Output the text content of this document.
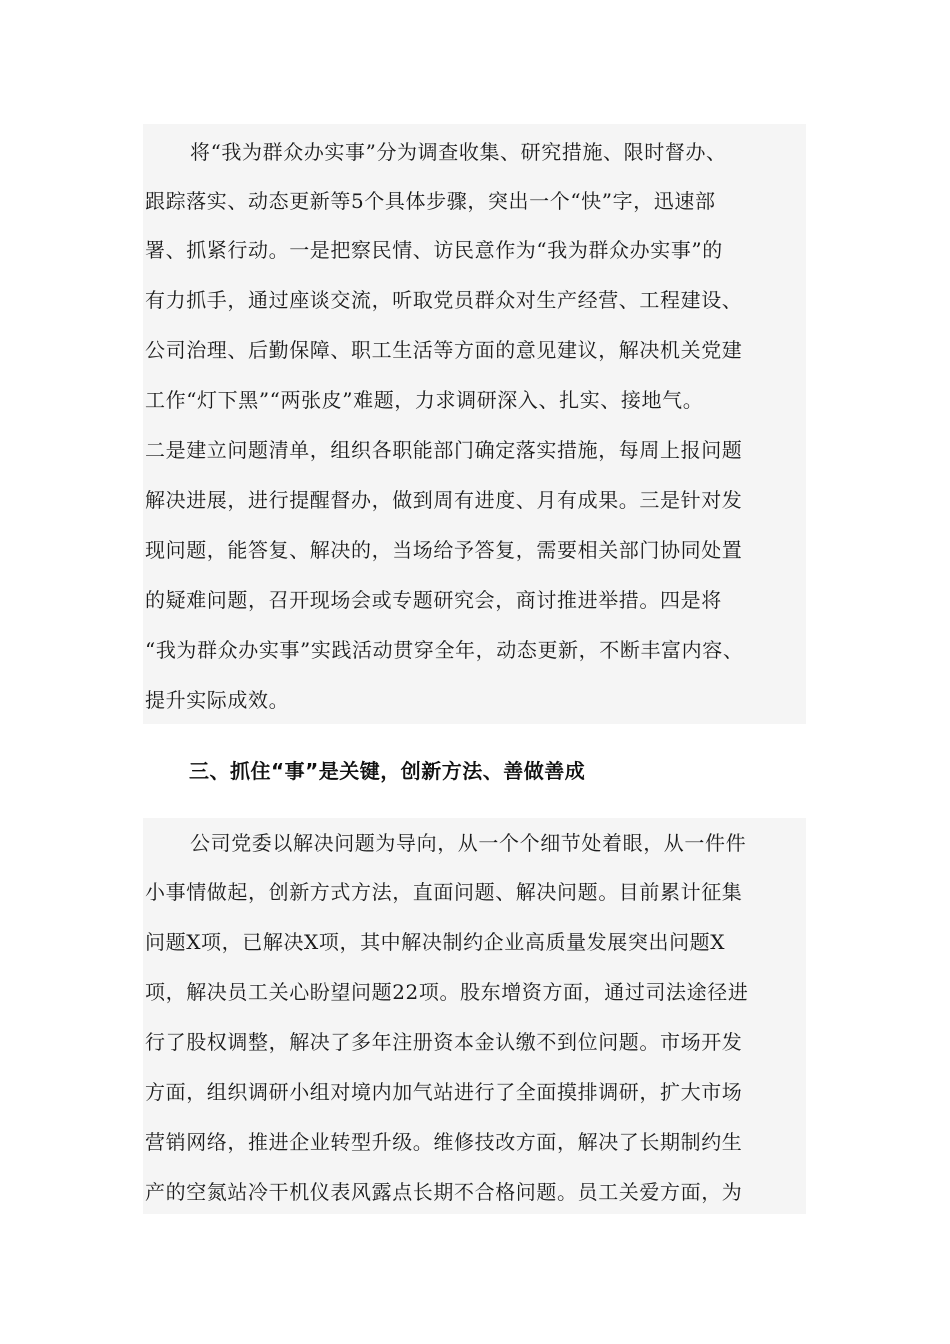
将“我为群众办实事”分为调查收集、研究措施、限时督办、
跟踪落实、动态更新等5个具体步骤，突出一个“快”字，迅速部
署、抓紧行动。一是把察民情、访民意作为“我为群众办实事”的
有力抓手，通过座谈交流，听取党员群众对生产经营、工程建设、
公司治理、后勤保障、职工生活等方面的意见建议，解决机关党建
工作“灯下黑”“两张皮”难题，力求调研深入、扎实、接地气。
二是建立问题清单，组织各职能部门确定落实措施，每周上报问题
解决进展，进行提醒督办，做到周有进度、月有成果。三是针对发
现问题，能答复、解决的，当场给予答复，需要相关部门协同处置
的疑难问题，召开现场会或专题研究会，商讨推进举措。四是将
“我为群众办实事”实践活动贯穿全年，动态更新，不断丰富内容、
提升实际成效。
三、抓住“事”是关键，创新方法、善做善成
公司党委以解决问题为导向，从一个个细节处着眼，从一件件
小事情做起，创新方式方法，直面问题、解决问题。目前累计征集
问题X项，已解决X项，其中解决制约企业高质量发展突出问题X
项，解决员工关心盼望问题22项。股东增资方面，通过司法途径进
行了股权调整，解决了多年注册资本金认缴不到位问题。市场开发
方面，组织调研小组对境内加气站进行了全面摸排调研，扩大市场
营销网络，推进企业转型升级。维修技改方面，解决了长期制约生
产的空氮站冷干机仪表风露点长期不合格问题。员工关爱方面，为
